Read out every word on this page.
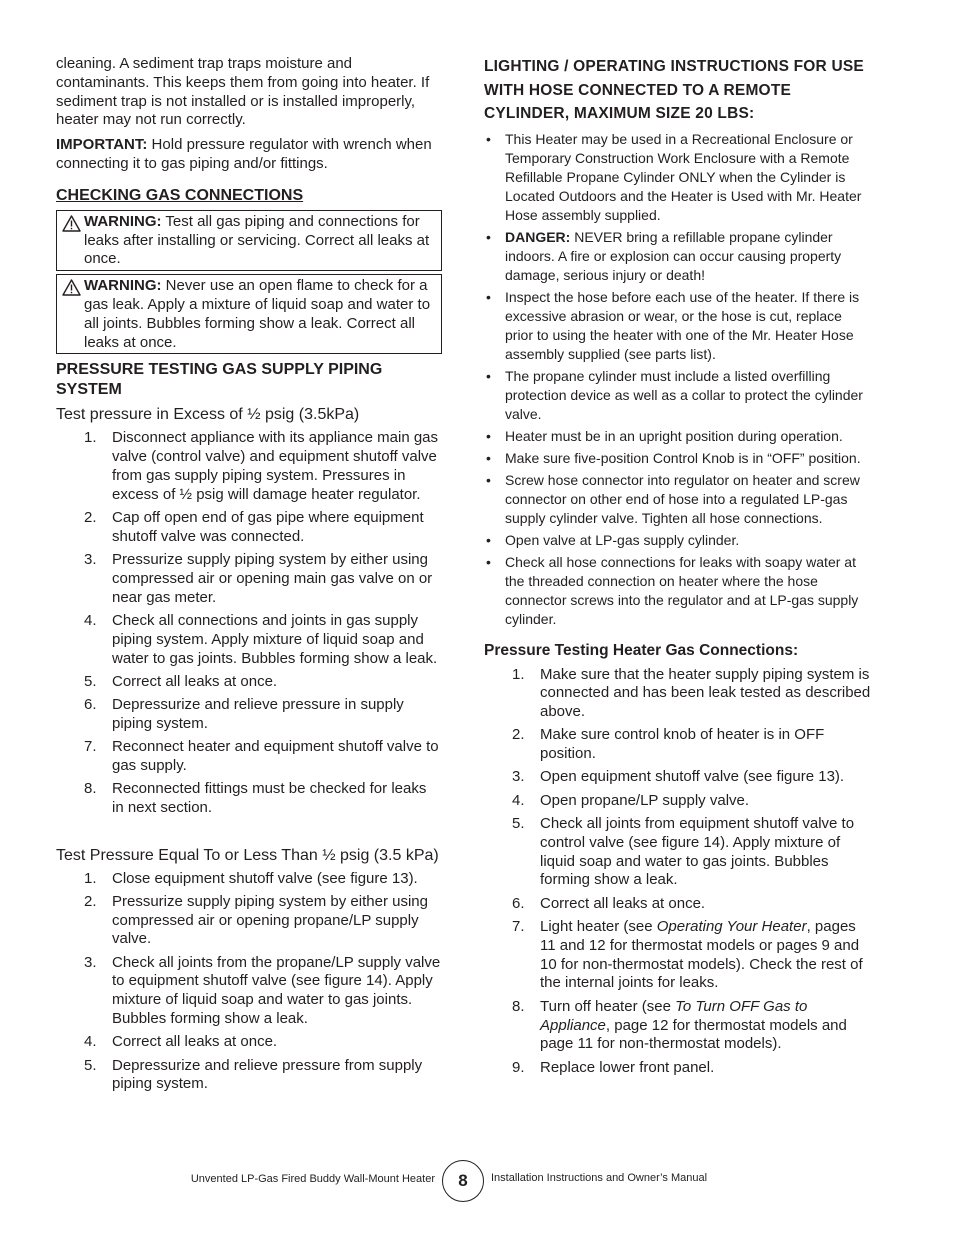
cleaning. A sediment trap traps moisture and contaminants. This keeps them from going into heater. If sediment trap is not installed or is installed improperly, heater may not run correctly.

IMPORTANT: Hold pressure regulator with wrench when connecting it to gas piping and/or fittings.

CHECKING GAS CONNECTIONS
WARNING: Test all gas piping and connections for leaks after installing or servicing. Correct all leaks at once.
WARNING: Never use an open flame to check for a gas leak. Apply a mixture of liquid soap and water to all joints. Bubbles forming show a leak. Correct all leaks at once.
PRESSURE TESTING GAS SUPPLY PIPING SYSTEM
Test pressure in Excess of ½ psig (3.5kPa)
1. Disconnect appliance with its appliance main gas valve (control valve) and equipment shutoff valve from gas supply piping system. Pressures in excess of ½ psig will damage heater regulator.
2. Cap off open end of gas pipe where equipment shutoff valve was connected.
3. Pressurize supply piping system by either using compressed air or opening main gas valve on or near gas meter.
4. Check all connections and joints in gas supply piping system. Apply mixture of liquid soap and water to gas joints. Bubbles forming show a leak.
5. Correct all leaks at once.
6. Depressurize and relieve pressure in supply piping system.
7. Reconnect heater and equipment shutoff valve to gas supply.
8. Reconnected fittings must be checked for leaks in next section.
Test Pressure Equal To or Less Than ½ psig (3.5 kPa)
1. Close equipment shutoff valve (see figure 13).
2. Pressurize supply piping system by either using compressed air or opening propane/LP supply valve.
3. Check all joints from the propane/LP supply valve to equipment shutoff valve (see figure 14). Apply mixture of liquid soap and water to gas joints. Bubbles forming show a leak.
4. Correct all leaks at once.
5. Depressurize and relieve pressure from supply piping system.
LIGHTING / OPERATING INSTRUCTIONS FOR USE WITH HOSE CONNECTED TO A REMOTE CYLINDER, MAXIMUM SIZE 20 LBS:
• This Heater may be used in a Recreational Enclosure or Temporary Construction Work Enclosure with a Remote Refillable Propane Cylinder ONLY when the Cylinder is Located Outdoors and the Heater is Used with Mr. Heater Hose assembly supplied.
• DANGER: NEVER bring a refillable propane cylinder indoors. A fire or explosion can occur causing property damage, serious injury or death!
• Inspect the hose before each use of the heater. If there is excessive abrasion or wear, or the hose is cut, replace prior to using the heater with one of the Mr. Heater Hose assembly supplied (see parts list).
• The propane cylinder must include a listed overfilling protection device as well as a collar to protect the cylinder valve.
• Heater must be in an upright position during operation.
• Make sure five-position Control Knob is in “OFF” position.
• Screw hose connector into regulator on heater and screw connector on other end of hose into a regulated LP-gas supply cylinder valve. Tighten all hose connections.
• Open valve at LP-gas supply cylinder.
• Check all hose connections for leaks with soapy water at the threaded connection on heater where the hose connector screws into the regulator and at LP-gas supply cylinder.
Pressure Testing Heater Gas Connections:
1. Make sure that the heater supply piping system is connected and has been leak tested as described above.
2. Make sure control knob of heater is in OFF position.
3. Open equipment shutoff valve (see figure 13).
4. Open propane/LP supply valve.
5. Check all joints from equipment shutoff valve to control valve (see figure 14). Apply mixture of liquid soap and water to gas joints. Bubbles forming show a leak.
6. Correct all leaks at once.
7. Light heater (see Operating Your Heater, pages 11 and 12 for thermostat models or pages 9 and 10 for non-thermostat models). Check the rest of the internal joints for leaks.
8. Turn off heater (see To Turn OFF Gas to Appliance, page 12 for thermostat models and page 11 for non-thermostat models).
9. Replace lower front panel.
Unvented LP-Gas Fired Buddy Wall-Mount Heater	8	Installation Instructions and Owner’s Manual
